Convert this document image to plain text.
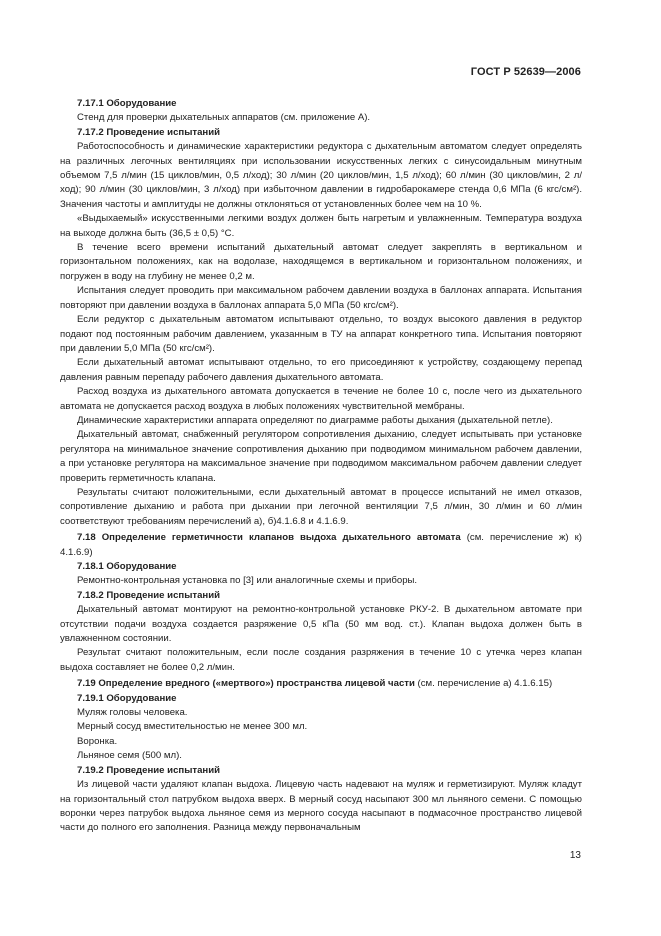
ГОСТ Р 52639—2006

7.17.1 Оборудование

Стенд для проверки дыхательных аппаратов (см. приложение А).

7.17.2 Проведение испытаний

Работоспособность и динамические характеристики редуктора с дыхательным автоматом следует определять на различных легочных вентиляциях при использовании искусственных легких с синусоидальным минутным объемом 7,5 л/мин (15 циклов/мин, 0,5 л/ход); 30 л/мин (20 циклов/мин, 1,5 л/ход); 60 л/мин (30 циклов/мин, 2 л/ход); 90 л/мин (30 циклов/мин, 3 л/ход) при избыточном давлении в гидробарокамере стенда 0,6 МПа (6 кгс/см²). Значения частоты и амплитуды не должны отклоняться от установленных более чем на 10 %.

«Выдыхаемый» искусственными легкими воздух должен быть нагретым и увлажненным. Температура воздуха на выходе должна быть (36,5 ± 0,5) °С.

В течение всего времени испытаний дыхательный автомат следует закреплять в вертикальном и горизонтальном положениях, как на водолазе, находящемся в вертикальном и горизонтальном положениях, и погружен в воду на глубину не менее 0,2 м.

Испытания следует проводить при максимальном рабочем давлении воздуха в баллонах аппарата. Испытания повторяют при давлении воздуха в баллонах аппарата 5,0 МПа (50 кгс/см²).

Если редуктор с дыхательным автоматом испытывают отдельно, то воздух высокого давления в редуктор подают под постоянным рабочим давлением, указанным в ТУ на аппарат конкретного типа. Испытания повторяют при давлении 5,0 МПа (50 кгс/см²).

Если дыхательный автомат испытывают отдельно, то его присоединяют к устройству, создающему перепад давления равным перепаду рабочего давления дыхательного автомата.

Расход воздуха из дыхательного автомата допускается в течение не более 10 с, после чего из дыхательного автомата не допускается расход воздуха в любых положениях чувствительной мембраны.

Динамические характеристики аппарата определяют по диаграмме работы дыхания (дыхательной петле).

Дыхательный автомат, снабженный регулятором сопротивления дыханию, следует испытывать при установке регулятора на минимальное значение сопротивления дыханию при подводимом минимальном рабочем давлении, а при установке регулятора на максимальное значение при подводимом максимальном рабочем давлении следует проверить герметичность клапана.

Результаты считают положительными, если дыхательный автомат в процессе испытаний не имел отказов, сопротивление дыханию и работа при дыхании при легочной вентиляции 7,5 л/мин, 30 л/мин и 60 л/мин соответствуют требованиям перечислений а), б)4.1.6.8 и 4.1.6.9.

7.18 Определение герметичности клапанов выдоха дыхательного автомата (см. перечисление ж) к) 4.1.6.9)

7.18.1 Оборудование

Ремонтно-контрольная установка по [3] или аналогичные схемы и приборы.

7.18.2 Проведение испытаний

Дыхательный автомат монтируют на ремонтно-контрольной установке РКУ-2. В дыхательном автомате при отсутствии подачи воздуха создается разряжение 0,5 кПа (50 мм вод. ст.). Клапан выдоха должен быть в увлажненном состоянии.

Результат считают положительным, если после создания разряжения в течение 10 с утечка через клапан выдоха составляет не более 0,2 л/мин.

7.19 Определение вредного («мертвого») пространства лицевой части (см. перечисление а) 4.1.6.15)

7.19.1 Оборудование

Муляж головы человека.

Мерный сосуд вместительностью не менее 300 мл.

Воронка.

Льняное семя (500 мл).

7.19.2 Проведение испытаний

Из лицевой части удаляют клапан выдоха. Лицевую часть надевают на муляж и герметизируют. Муляж кладут на горизонтальный стол патрубком выдоха вверх. В мерный сосуд насыпают 300 мл льняного семени. С помощью воронки через патрубок выдоха льняное семя из мерного сосуда насыпают в подмасочное пространство лицевой части до полного его заполнения. Разница между первоначальным

13
